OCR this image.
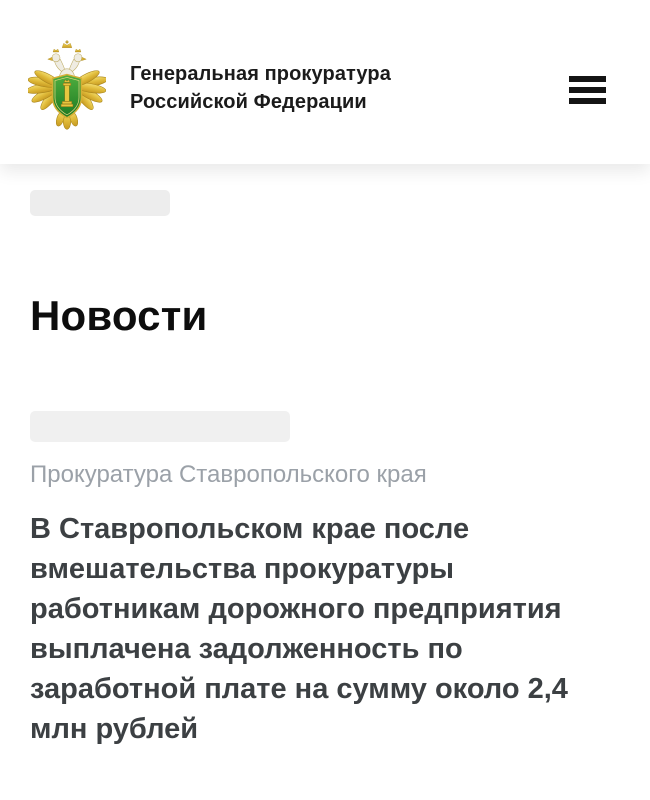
Генеральная прокуратура Российской Федерации
Новости
Прокуратура Ставропольского края
В Ставропольском крае после вмешательства прокуратуры работникам дорожного предприятия выплачена задолженность по заработной плате на сумму около 2,4 млн рублей
